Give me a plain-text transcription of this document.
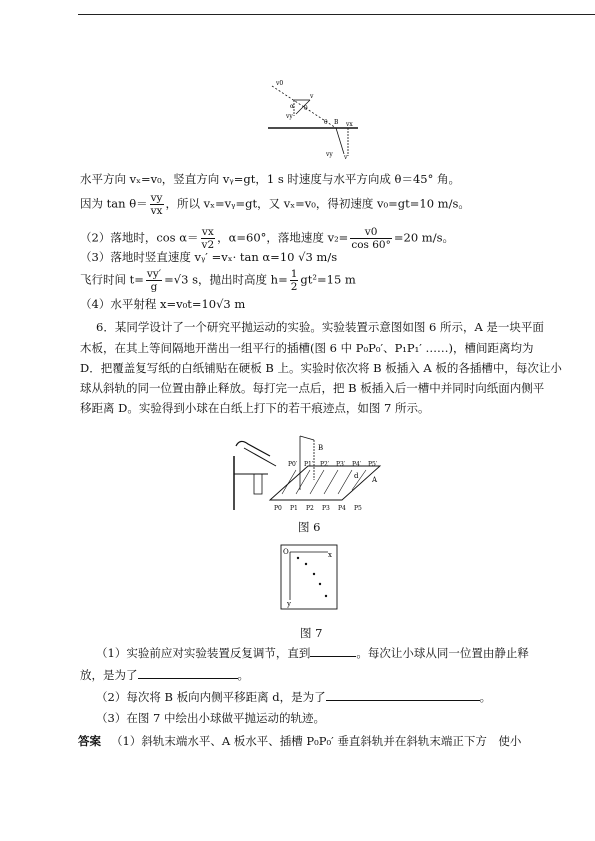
v0
v
α
vy
θ
θ B vx
vy v
水平方向 vₓ=v₀，竖直方向 vᵧ=gt，1 s 时速度与水平方向成 θ＝45° 角。
因为 $\tan \theta= \frac{vy}{vx}$ ，所以 vₓ=vᵧ=gt，又 vₓ=v₀，得初速度 v₀=gt=10 m/s。
（2）落地时，$\cos \alpha= \frac{vx}{v2}$ ，α=60°，落地速度 $v_2= \frac{v0}{\cos 60^\circ} =20$ m/s。
（3）落地时竖直速度 vᵧ′ =vₓ· tan α=10 √3 m/s
飞行时间 $t= \frac{vy'}{g} =√3$ s，抛出时高度 $h= \frac{1}{2} gt^2=15$ m
（4）水平射程 x=v₀t=10√3 m
6．某同学设计了一个研究平抛运动的实验。实验装置示意图如图 6 所示，A 是一块平面
木板，在其上等间隔地开凿出一组平行的插槽(图 6 中 P₀P₀′、P₁P₁′ ……)，槽间距离均为
D．把覆盖复写纸的白纸铺贴在硬板 B 上。实验时依次将 B 板插入 A 板的各插槽中，每次让小
球从斜轨的同一位置由静止释放。每打完一点后，把 B 板插入后一槽中并同时向纸面内侧平
移距离 D。实验得到小球在白纸上打下的若干痕迹点，如图 7 所示。
B
P0′ P1′ P2′ P3′ P4′ P5′
d A
P0 P1 P2 P3 P4 P5
图 6
O	x
y
图 7
（1）实验前应对实验装置反复调节，直到	。每次让小球从同一位置由静止释
放，是为了	。
（2）每次将 B 板向内侧平移距离 d，是为了	。
（3）在图 7 中绘出小球做平抛运动的轨迹。
答案 （1）斜轨末端水平、A 板水平、插槽 P₀P₀′ 垂直斜轨并在斜轨末端正下方　使小
